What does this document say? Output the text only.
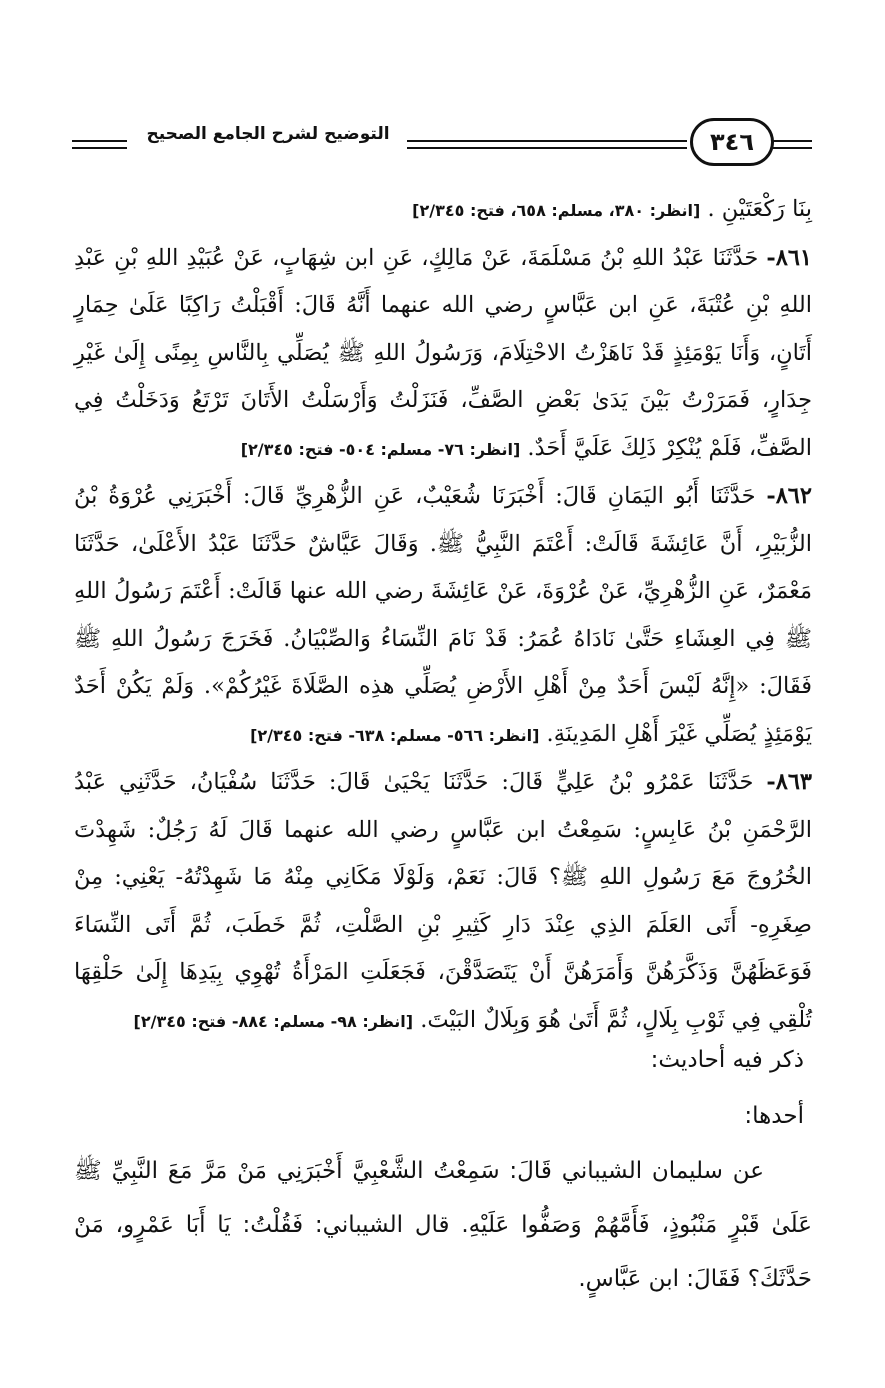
التوضيح لشرح الجامع الصحيح	٣٤٦

بِنَا رَكْعَتَيْنِ . [انظر: ٣٨٠، مسلم: ٦٥٨، فتح: ٢/٣٤٥]

٨٦١- حَدَّثَنَا عَبْدُ اللهِ بْنُ مَسْلَمَةَ، عَنْ مَالِكٍ، عَنِ ابن شِهَابٍ، عَنْ عُبَيْدِ اللهِ بْنِ عَبْدِ اللهِ بْنِ عُتْبَةَ، عَنِ ابن عَبَّاسٍ رضي الله عنهما أَنَّهُ قَالَ: أَقْبَلْتُ رَاكِبًا عَلَىٰ حِمَارٍ أَتَانٍ، وَأَنَا يَوْمَئِذٍ قَدْ نَاهَزْتُ الاحْتِلَامَ، وَرَسُولُ اللهِ ﷺ يُصَلِّي بِالنَّاسِ بِمِنًى إِلَىٰ غَيْرِ جِدَارٍ، فَمَرَرْتُ بَيْنَ يَدَىٰ بَعْضِ الصَّفِّ، فَنَزَلْتُ وَأَرْسَلْتُ الأَتَانَ تَرْتَعُ وَدَخَلْتُ فِي الصَّفِّ، فَلَمْ يُنْكِرْ ذَلِكَ عَلَيَّ أَحَدٌ. [انظر: ٧٦- مسلم: ٥٠٤- فتح: ٢/٣٤٥]

٨٦٢- حَدَّثَنَا أَبُو اليَمَانِ قَالَ: أَخْبَرَنَا شُعَيْبٌ، عَنِ الزُّهْرِيِّ قَالَ: أَخْبَرَنِي عُرْوَةُ بْنُ الزُّبَيْرِ، أَنَّ عَائِشَةَ قَالَتْ: أَعْتَمَ النَّبِيُّ ﷺ. وَقَالَ عَيَّاشٌ حَدَّثَنَا عَبْدُ الأَعْلَىٰ، حَدَّثَنَا مَعْمَرٌ، عَنِ الزُّهْرِيِّ، عَنْ عُرْوَةَ، عَنْ عَائِشَةَ رضي الله عنها قَالَتْ: أَعْتَمَ رَسُولُ اللهِ ﷺ فِي العِشَاءِ حَتَّىٰ نَادَاهُ عُمَرُ: قَدْ نَامَ النِّسَاءُ وَالصِّبْيَانُ. فَخَرَجَ رَسُولُ اللهِ ﷺ فَقَالَ: «إِنَّهُ لَيْسَ أَحَدٌ مِنْ أَهْلِ الأَرْضِ يُصَلِّي هذِه الصَّلَاةَ غَيْرُكُمْ». وَلَمْ يَكُنْ أَحَدٌ يَوْمَئِذٍ يُصَلِّي غَيْرَ أَهْلِ المَدِينَةِ. [انظر: ٥٦٦- مسلم: ٦٣٨- فتح: ٢/٣٤٥]

٨٦٣- حَدَّثَنَا عَمْرُو بْنُ عَلِيٍّ قَالَ: حَدَّثَنَا يَحْيَىٰ قَالَ: حَدَّثَنَا سُفْيَانُ، حَدَّثَنِي عَبْدُ الرَّحْمَنِ بْنُ عَابِسٍ: سَمِعْتُ ابن عَبَّاسٍ رضي الله عنهما قَالَ لَهُ رَجُلٌ: شَهِدْتَ الخُرُوجَ مَعَ رَسُولِ اللهِ ﷺ؟ قَالَ: نَعَمْ، وَلَوْلَا مَكَانِي مِنْهُ مَا شَهِدْتُهُ- يَعْنِي: مِنْ صِغَرِهِ- أَتَى العَلَمَ الذِي عِنْدَ دَارِ كَثِيرِ بْنِ الصَّلْتِ، ثُمَّ خَطَبَ، ثُمَّ أَتَى النِّسَاءَ فَوَعَظَهُنَّ وَذَكَّرَهُنَّ وَأَمَرَهُنَّ أَنْ يَتَصَدَّقْنَ، فَجَعَلَتِ المَرْأَةُ تُهْوِي بِيَدِهَا إِلَىٰ حَلْقِهَا تُلْقِي فِي ثَوْبِ بِلَالٍ، ثُمَّ أَتَىٰ هُوَ وَبِلَالٌ البَيْتَ. [انظر: ٩٨- مسلم: ٨٨٤- فتح: ٢/٣٤٥]

ذكر فيه أحاديث:
أحدها:
عن سليمان الشيباني قَالَ: سَمِعْتُ الشَّعْبِيَّ أَخْبَرَنِي مَنْ مَرَّ مَعَ النَّبِيِّ ﷺ عَلَىٰ قَبْرٍ مَنْبُوذٍ، فَأَمَّهُمْ وَصَفُّوا عَلَيْهِ. قال الشيباني: فَقُلْتُ: يَا أَبَا عَمْرٍو، مَنْ حَدَّثَكَ؟ فَقَالَ: ابن عَبَّاسٍ.
